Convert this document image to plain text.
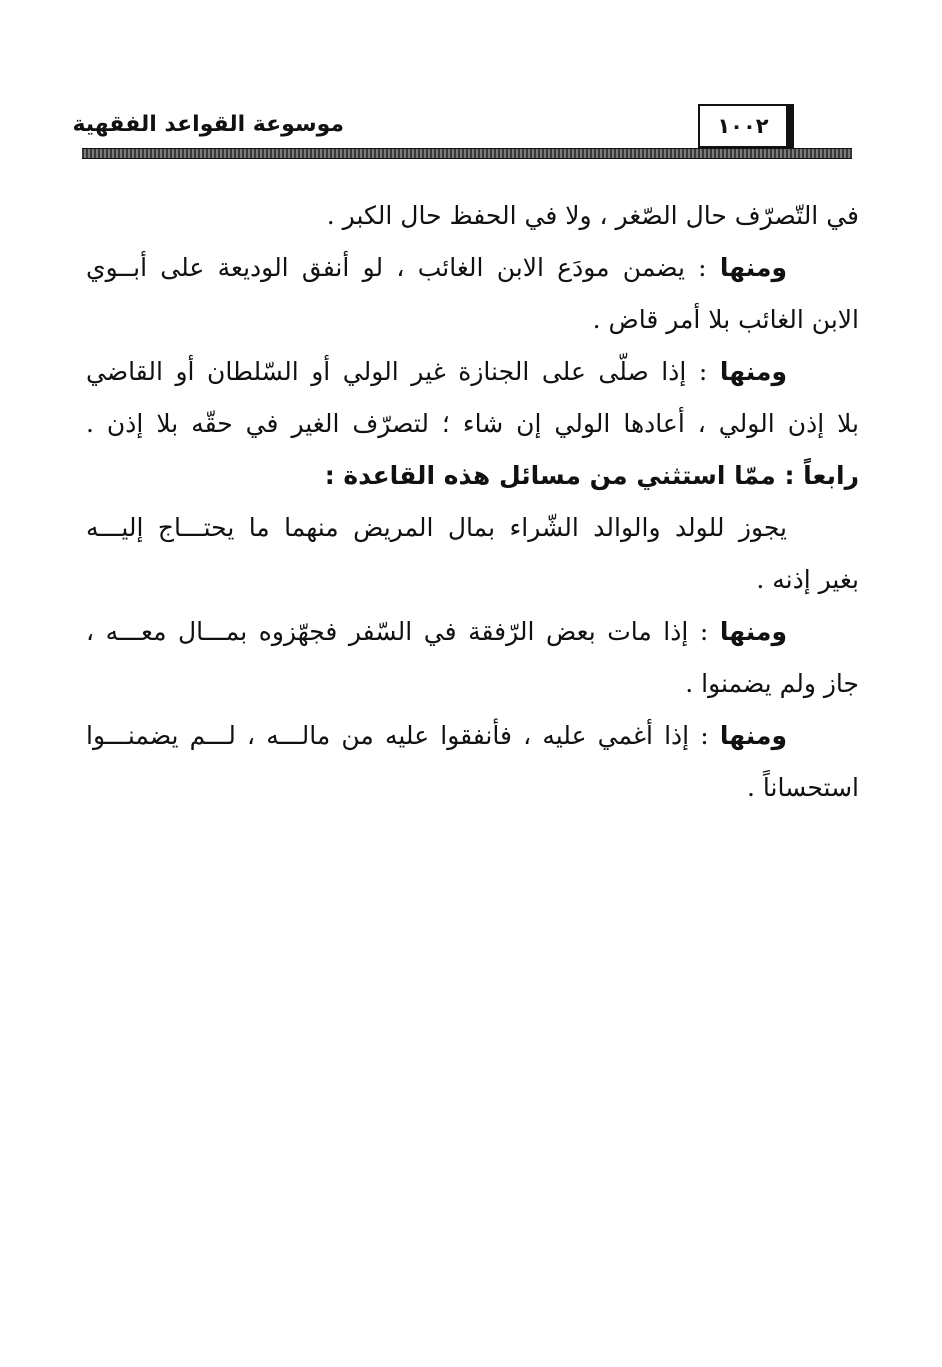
موسوعة القواعد الفقهية	١٠٠٢
في التّصرّف حال الصّغر ، ولا في الحفظ حال الكبر .
ومنها : يضمن مودَع الابن الغائب ، لو أنفق الوديعة على أبــوي
الابن الغائب بلا أمر قاض .
ومنها : إذا صلّى على الجنازة غير الولي أو السّلطان أو القاضي
بلا إذن الولي ، أعادها الولي إن شاء ؛ لتصرّف الغير في حقّه بلا إذن .
رابعاً : ممّا استثني من مسائل هذه القاعدة :
يجوز للولد والوالد الشّراء بمال المريض منهما ما يحتـــاج إليـــه
بغير إذنه .
ومنها : إذا مات بعض الرّفقة في السّفر فجهّزوه بمـــال معـــه ،
جاز ولم يضمنوا .
ومنها : إذا أغمي عليه ، فأنفقوا عليه من مالـــه ، لـــم يضمنـــوا
استحساناً .
